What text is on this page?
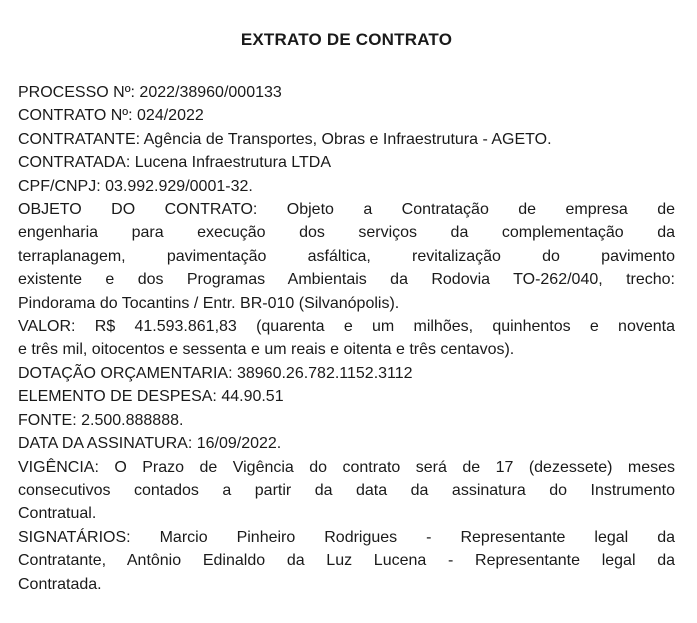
EXTRATO DE CONTRATO
PROCESSO Nº: 2022/38960/000133
CONTRATO Nº: 024/2022
CONTRATANTE: Agência de Transportes, Obras e Infraestrutura - AGETO.
CONTRATADA: Lucena Infraestrutura LTDA
CPF/CNPJ: 03.992.929/0001-32.
OBJETO DO CONTRATO: Objeto a Contratação de empresa de
engenharia para execução dos serviços da complementação da
terraplanagem, pavimentação asfáltica, revitalização do pavimento
existente e dos Programas Ambientais da Rodovia TO-262/040, trecho:
Pindorama do Tocantins / Entr. BR-010 (Silvanópolis).
VALOR: R$ 41.593.861,83 (quarenta e um milhões, quinhentos e noventa
e três mil, oitocentos e sessenta e um reais e oitenta e três centavos).
DOTAÇÃO ORÇAMENTARIA: 38960.26.782.1152.3112
ELEMENTO DE DESPESA: 44.90.51
FONTE: 2.500.888888.
DATA DA ASSINATURA: 16/09/2022.
VIGÊNCIA: O Prazo de Vigência do contrato será de 17 (dezessete) meses
consecutivos contados a partir da data da assinatura do Instrumento
Contratual.
SIGNATÁRIOS: Marcio Pinheiro Rodrigues - Representante legal da
Contratante, Antônio Edinaldo da Luz Lucena - Representante legal da
Contratada.
